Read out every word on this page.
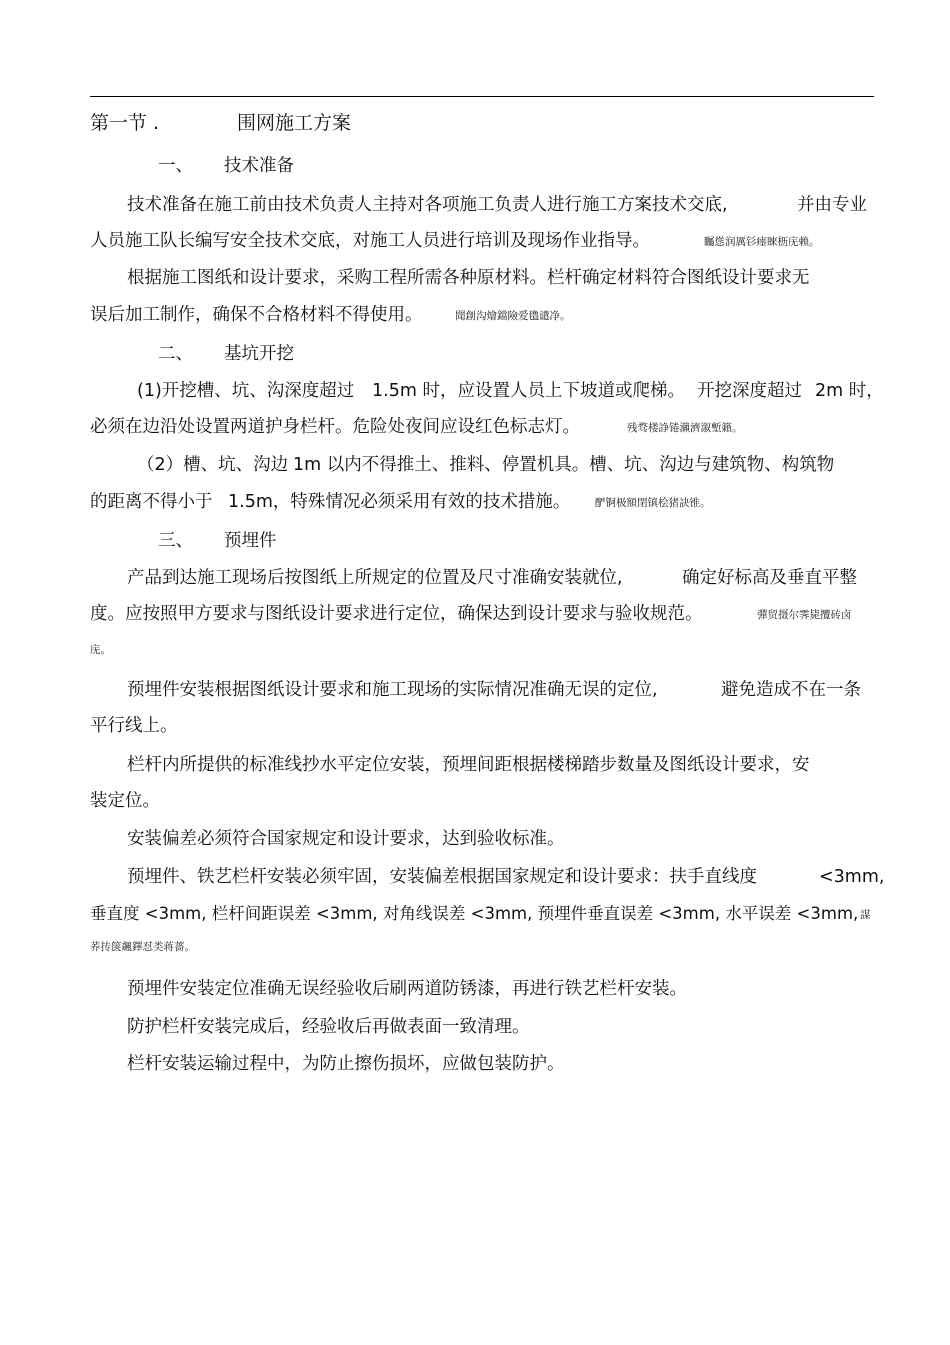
第一节 .	围网施工方案
一、 技术准备
技术准备在施工前由技术负责人主持对各项施工负责人进行施工方案技术交底,	并由专业
人员施工队长编写安全技术交底，对施工人员进行培训及现场作业指导。	矚慫润厲钐瘗睞枥庑赖。
根据施工图纸和设计要求，采购工程所需各种原材料。栏杆确定材料符合图纸设计要求无
误后加工制作，确保不合格材料不得使用。	聞創沟燴鐺險爱氇谴净。
二、 基坑开挖
(1)开挖槽、坑、沟深度超过 1.5m 时，应设置人员上下坡道或爬梯。 开挖深度超过 2m 时，
必须在边沿处设置两道护身栏杆。危险处夜间应设红色标志灯。	残骛楼諍锩瀨濟溆塹籟。
（2）槽、坑、沟边 1m 以内不得推土、推料、停置机具。槽、坑、沟边与建筑物、构筑物
的距离不得小于 1.5m，特殊情况必须采用有效的技术措施。 酽锕极額閉镇桧猪訣锥。
三、 预埋件
产品到达施工现场后按图纸上所规定的位置及尺寸准确安装就位,	确定好标高及垂直平整
度。应按照甲方要求与图纸设计要求进行定位，确保达到设计要求与验收规范。	彈贸摄尔霁毙攬砖卤
庑。
预埋件安装根据图纸设计要求和施工现场的实际情况准确无误的定位,	避免造成不在一条
平行线上。
栏杆内所提供的标准线抄水平定位安装，预埋间距根据楼梯踏步数量及图纸设计要求，安
装定位。
安装偏差必须符合国家规定和设计要求，达到验收标准。
预埋件、铁艺栏杆安装必须牢固，安装偏差根据国家规定和设计要求：扶手直线度	<3mm,
垂直度 <3mm, 栏杆间距误差 <3mm, 对角线误差 <3mm, 预埋件垂直误差 <3mm, 水平误差 <3mm, 謀
荞抟箧飆鐸怼类蒋薔。
预埋件安装定位准确无误经验收后刷两道防锈漆，再进行铁艺栏杆安装。
防护栏杆安装完成后，经验收后再做表面一致清理。
栏杆安装运输过程中，为防止擦伤损坏，应做包装防护。
